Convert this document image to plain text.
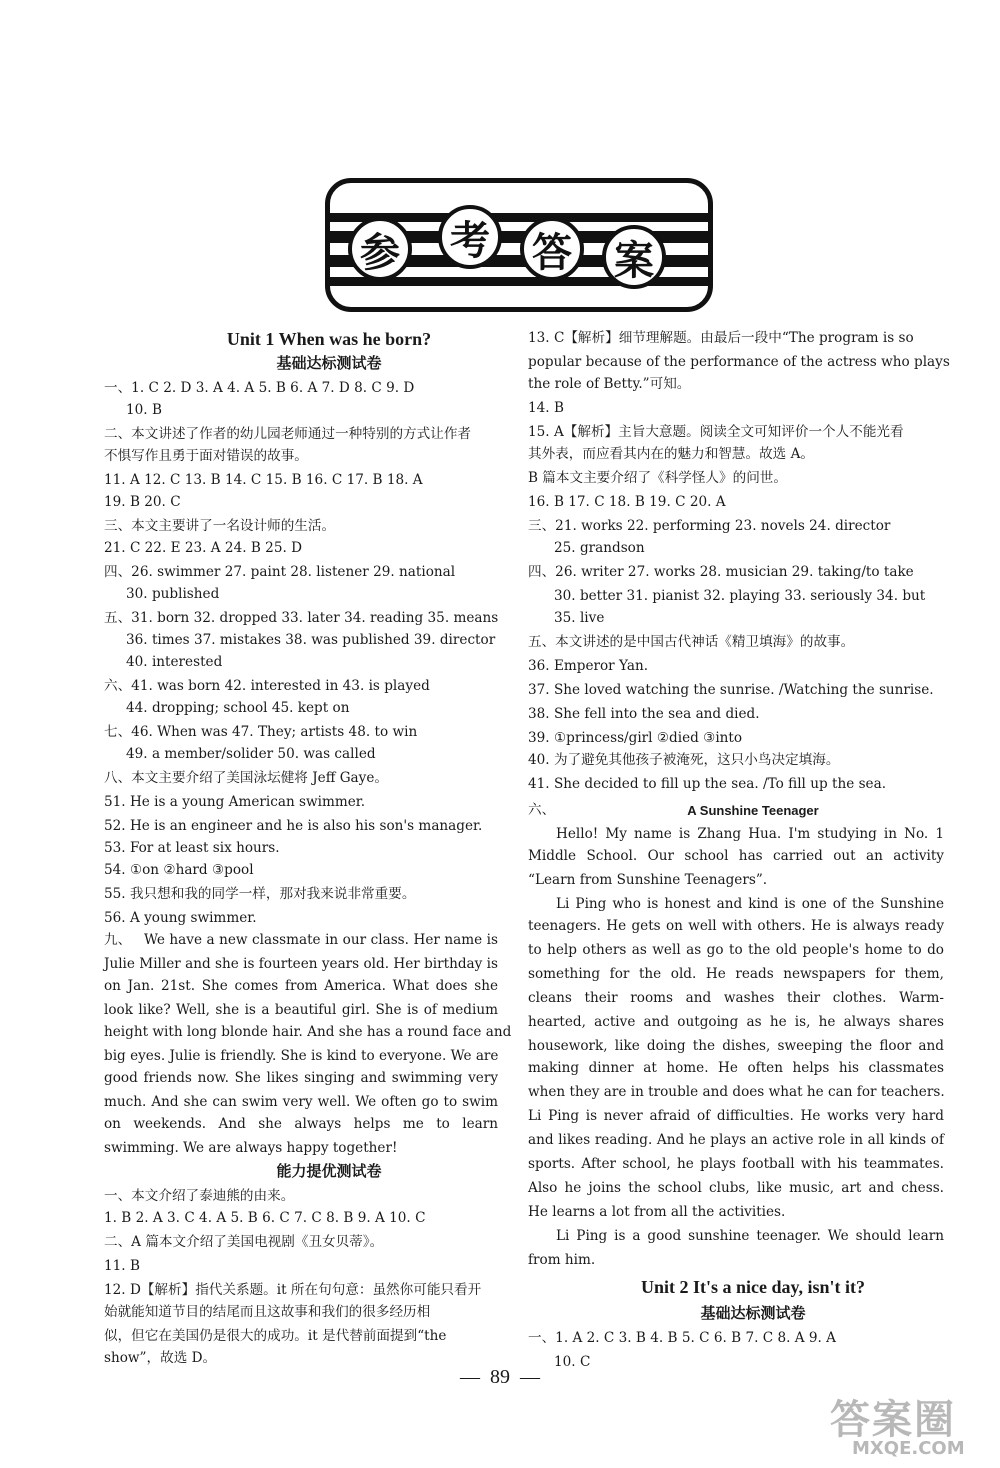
参	考	答	案
Unit 1 When was he born?
基础达标测试卷
一、1. C 2. D 3. A 4. A 5. B 6. A 7. D 8. C 9. D
10. B
二、本文讲述了作者的幼儿园老师通过一种特别的方式让作者
不惧写作且勇于面对错误的故事。
11. A 12. C 13. B 14. C 15. B 16. C 17. B 18. A
19. B 20. C
三、本文主要讲了一名设计师的生活。
21. C 22. E 23. A 24. B 25. D
四、26. swimmer 27. paint 28. listener 29. national
30. published
五、31. born 32. dropped 33. later 34. reading 35. means
36. times 37. mistakes 38. was published 39. director
40. interested
六、41. was born 42. interested in 43. is played
44. dropping; school 45. kept on
七、46. When was 47. They; artists 48. to win
49. a member/solider 50. was called
八、本文主要介绍了美国泳坛健将 Jeff Gaye。
51. He is a young American swimmer.
52. He is an engineer and he is also his son's manager.
53. For at least six hours.
54. ①on ②hard ③pool
55. 我只想和我的同学一样，那对我来说非常重要。
56. A young swimmer.
九、 We have a new classmate in our class. Her name is
Julie Miller and she is fourteen years old. Her birthday is
on Jan. 21st. She comes from America. What does she
look like? Well, she is a beautiful girl. She is of medium
height with long blonde hair. And she has a round face and
big eyes. Julie is friendly. She is kind to everyone. We are
good friends now. She likes singing and swimming very
much. And she can swim very well. We often go to swim
on weekends. And she always helps me to learn
swimming. We are always happy together!
能力提优测试卷
一、本文介绍了泰迪熊的由来。
1. B 2. A 3. C 4. A 5. B 6. C 7. C 8. B 9. A 10. C
二、A 篇本文介绍了美国电视剧《丑女贝蒂》。
11. B
12. D【解析】指代关系题。it 所在句句意：虽然你可能只看开
始就能知道节目的结尾而且这故事和我们的很多经历相
似，但它在美国仍是很大的成功。it 是代替前面提到“the
show”，故选 D。
13. C【解析】细节理解题。由最后一段中“The program is so
popular because of the performance of the actress who plays
the role of Betty.”可知。
14. B
15. A【解析】主旨大意题。阅读全文可知评价一个人不能光看
其外表，而应看其内在的魅力和智慧。故选 A。
B 篇本文主要介绍了《科学怪人》的问世。
16. B 17. C 18. B 19. C 20. A
三、21. works 22. performing 23. novels 24. director
25. grandson
四、26. writer 27. works 28. musician 29. taking/to take
30. better 31. pianist 32. playing 33. seriously 34. but
35. live
五、本文讲述的是中国古代神话《精卫填海》的故事。
36. Emperor Yan.
37. She loved watching the sunrise. /Watching the sunrise.
38. She fell into the sea and died.
39. ①princess/girl ②died ③into
40. 为了避免其他孩子被淹死，这只小鸟决定填海。
41. She decided to fill up the sea. /To fill up the sea.
六、	A Sunshine Teenager
Hello! My name is Zhang Hua. I'm studying in No. 1
Middle School. Our school has carried out an activity
“Learn from Sunshine Teenagers”.
Li Ping who is honest and kind is one of the Sunshine
teenagers. He gets on well with others. He is always ready
to help others as well as go to the old people's home to do
something for the old. He reads newspapers for them,
cleans their rooms and washes their clothes. Warm-
hearted, active and outgoing as he is, he always shares
housework, like doing the dishes, sweeping the floor and
making dinner at home. He often helps his classmates
when they are in trouble and does what he can for teachers.
Li Ping is never afraid of difficulties. He works very hard
and likes reading. And he plays an active role in all kinds of
sports. After school, he plays football with his teammates.
Also he joins the school clubs, like music, art and chess.
He learns a lot from all the activities.
Li Ping is a good sunshine teenager. We should learn
from him.
Unit 2 It's a nice day, isn't it?
基础达标测试卷
一、1. A 2. C 3. B 4. B 5. C 6. B 7. C 8. A 9. A
10. C
—  89  —
答案圈
MXQE.COM
